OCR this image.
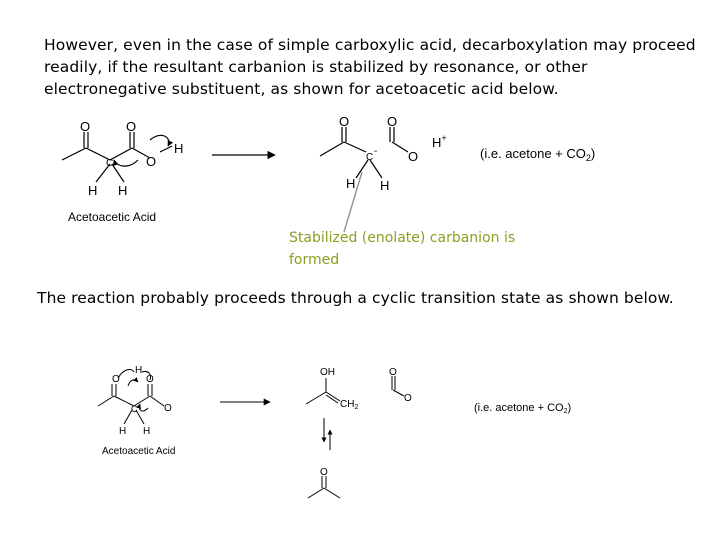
However, even in the case of simple carboxylic acid, decarboxylation may proceed readily, if the resultant carbanion is stabilized by resonance, or other electronegative substituent, as shown for acetoacetic acid below.
Stabilized (enolate) carbanion is formed
The reaction probably proceeds through a cyclic transition state as shown below.
O	O
C	O
H
H H
Acetoacetic Acid
O
C
-
H H
O
O
H+
(i.e. acetone + $CO_2$)
O
H
O
C	O
H H
Acetoacetic Acid
OH
$CH_2$
O
O
(i.e. acetone + CO2)
O
